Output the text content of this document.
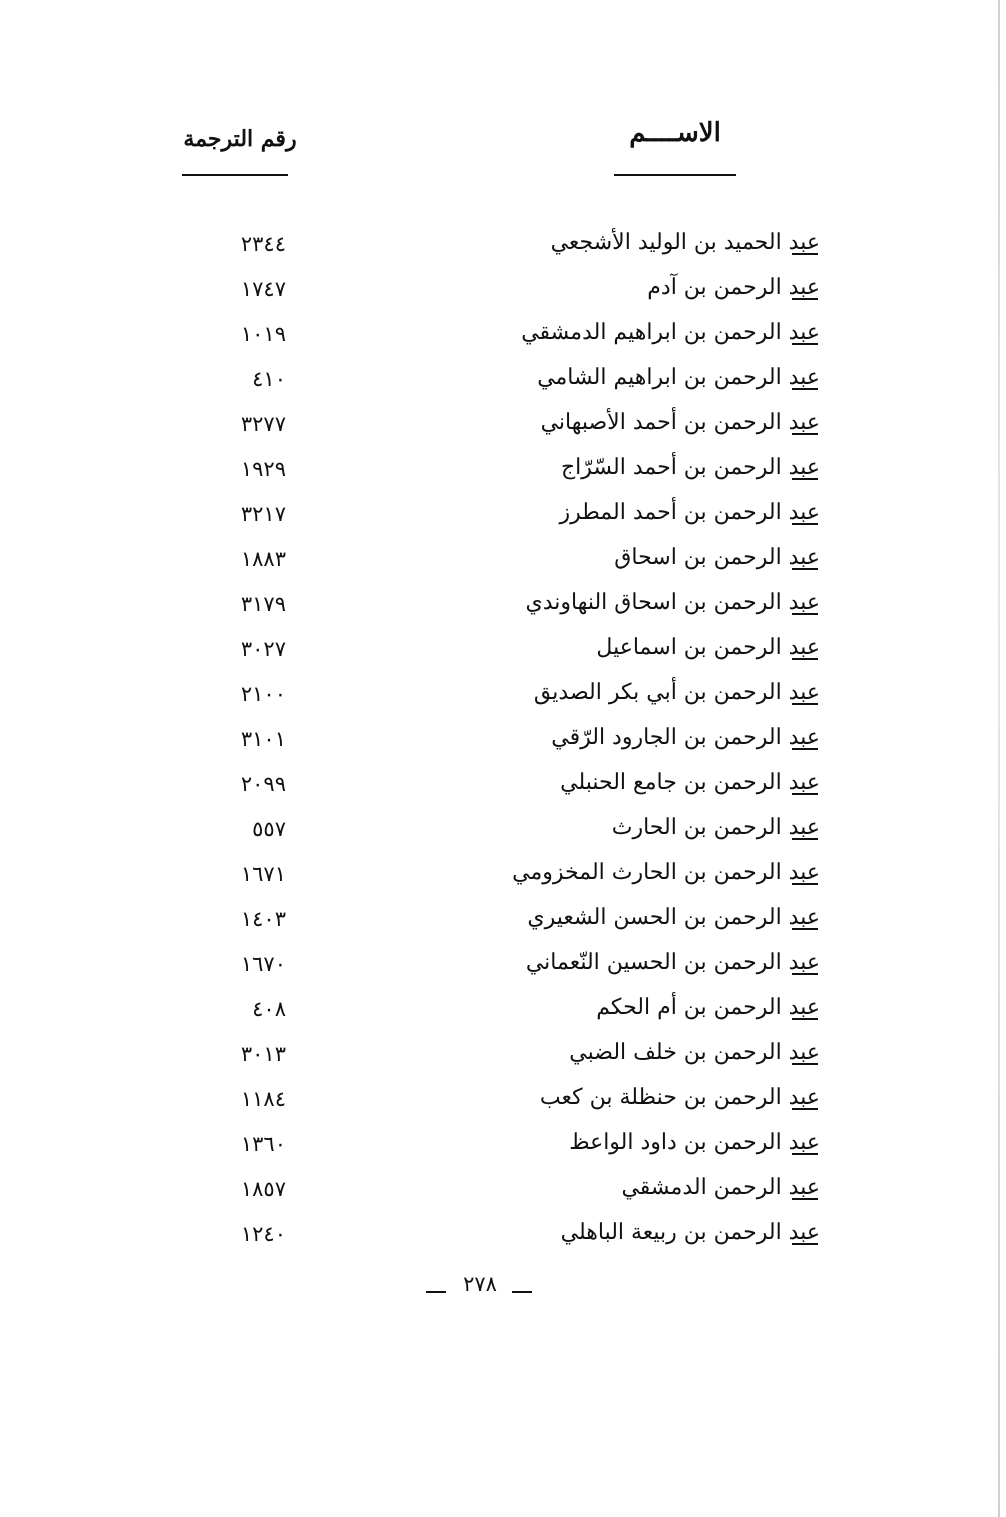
الاســــم
رقم الترجمة
عبد الحميد بن الوليد الأشجعي
٢٣٤٤
عبد الرحمن بن آدم
١٧٤٧
عبد الرحمن بن ابراهيم الدمشقي
١٠١٩
عبد الرحمن بن ابراهيم الشامي
٤١٠
عبد الرحمن بن أحمد الأصبهاني
٣٢٧٧
عبد الرحمن بن أحمد السّرّاج
١٩٢٩
عبد الرحمن بن أحمد المطرز
٣٢١٧
عبد الرحمن بن اسحاق
١٨٨٣
عبد الرحمن بن اسحاق النهاوندي
٣١٧٩
عبد الرحمن بن اسماعيل
٣٠٢٧
عبد الرحمن بن أبي بكر الصديق
٢١٠٠
عبد الرحمن بن الجارود الرّقي
٣١٠١
عبد الرحمن بن جامع الحنبلي
٢٠٩٩
عبد الرحمن بن الحارث
٥٥٧
عبد الرحمن بن الحارث المخزومي
١٦٧١
عبد الرحمن بن الحسن الشعيري
١٤٠٣
عبد الرحمن بن الحسين النّعماني
١٦٧٠
عبد الرحمن بن أم الحكم
٤٠٨
عبد الرحمن بن خلف الضبي
٣٠١٣
عبد الرحمن بن حنظلة بن كعب
١١٨٤
عبد الرحمن بن داود الواعظ
١٣٦٠
عبد الرحمن الدمشقي
١٨٥٧
عبد الرحمن بن ربيعة الباهلي
١٢٤٠
٢٧٨
